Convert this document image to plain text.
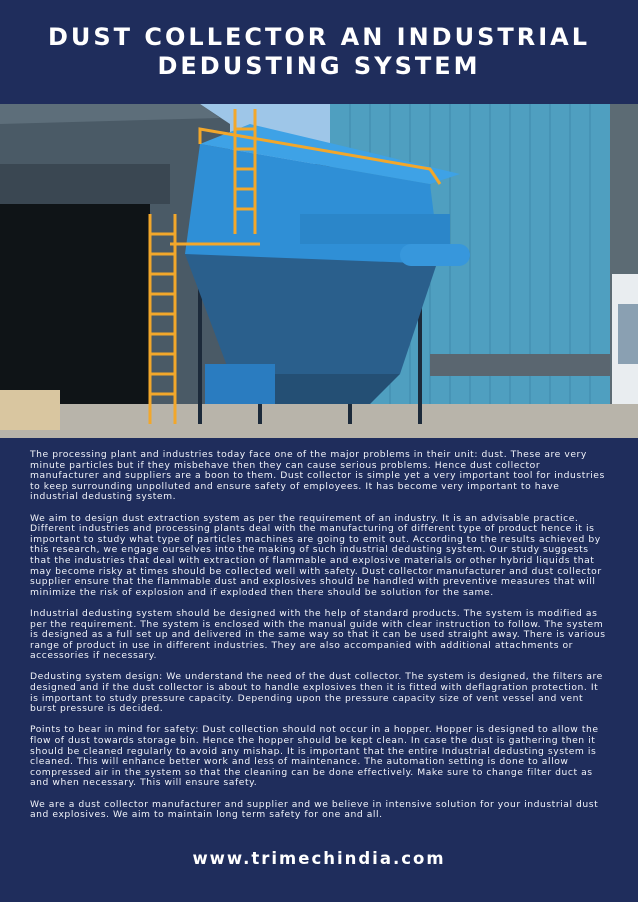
DUST COLLECTOR AN INDUSTRIAL DEDUSTING SYSTEM

The processing plant and industries today face one of the major problems in their unit: dust. These are very minute particles but if they misbehave then they can cause serious problems. Hence dust collector manufacturer and suppliers are a boon to them. Dust collector is simple yet a very important tool for industries to keep surrounding unpolluted and ensure safety of employees. It has become very important to have industrial dedusting system.

We aim to design dust extraction system as per the requirement of an industry. It is an advisable practice. Different industries and processing plants deal with the manufacturing of different type of product hence it is important to study what type of particles machines are going to emit out. According to the results achieved by this research, we engage ourselves into the making of such industrial dedusting system. Our study suggests that the industries that deal with extraction of flammable and explosive materials or other hybrid liquids that may become risky at times should be collected well with safety. Dust collector manufacturer and dust collector supplier ensure that the flammable dust and explosives should be handled with preventive measures that will minimize the risk of explosion and if exploded then there should be solution for the same.

Industrial dedusting system should be designed with the help of standard products. The system is modified as per the requirement. The system is enclosed with the manual guide with clear instruction to follow. The system is designed as a full set up and delivered in the same way so that it can be used straight away. There is various range of product in use in different industries. They are also accompanied with additional attachments or accessories if necessary.

Dedusting system design: We understand the need of the dust collector. The system is designed, the filters are designed and if the dust collector is about to handle explosives then it is fitted with deflagration protection. It is important to study pressure capacity. Depending upon the pressure capacity size of vent vessel and vent burst pressure is decided.

Points to bear in mind for safety: Dust collection should not occur in a hopper. Hopper is designed to allow the flow of dust towards storage bin. Hence the hopper should be kept clean. In case the dust is gathering then it should be cleaned regularly to avoid any mishap. It is important that the entire Industrial dedusting system is cleaned. This will enhance better work and less of maintenance. The automation setting is done to allow compressed air in the system so that the cleaning can be done effectively. Make sure to change filter duct as and when necessary. This will ensure safety.

We are a dust collector manufacturer and supplier and we believe in intensive solution for your industrial dust and explosives. We aim to maintain long term safety for one and all.

www.trimechindia.com
